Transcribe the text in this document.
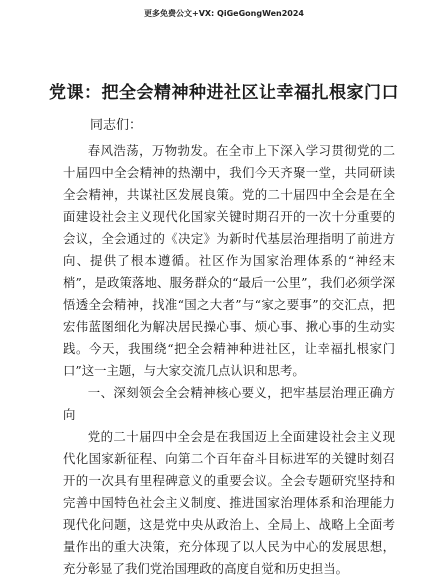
更多免费公文+VX: QiGeGongWen2024
党课：把全会精神种进社区让幸福扎根家门口
同志们：

春风浩荡，万物勃发。在全市上下深入学习贯彻党的二十届四中全会精神的热潮中，我们今天齐聚一堂，共同研读全会精神，共谋社区发展良策。党的二十届四中全会是在全面建设社会主义现代化国家关键时期召开的一次十分重要的会议，全会通过的《决定》为新时代基层治理指明了前进方向、提供了根本遵循。社区作为国家治理体系的“神经末梢”，是政策落地、服务群众的“最后一公里”，我们必须学深悟透全会精神，找准“国之大者”与“家之要事”的交汇点，把宏伟蓝图细化为解决居民操心事、烦心事、揪心事的生动实践。今天，我围绕“把全会精神种进社区，让幸福扎根家门口”这一主题，与大家交流几点认识和思考。

一、深刻领会全会精神核心要义，把牢基层治理正确方向

党的二十届四中全会是在我国迈上全面建设社会主义现代化国家新征程、向第二个百年奋斗目标进军的关键时刻召开的一次具有里程碑意义的重要会议。全会专题研究坚持和完善中国特色社会主义制度、推进国家治理体系和治理能力现代化问题，这是党中央从政治上、全局上、战略上全面考量作出的重大决策，充分体现了以人民为中心的发展思想，充分彰显了我们党治国理政的高度自觉和历史担当。
